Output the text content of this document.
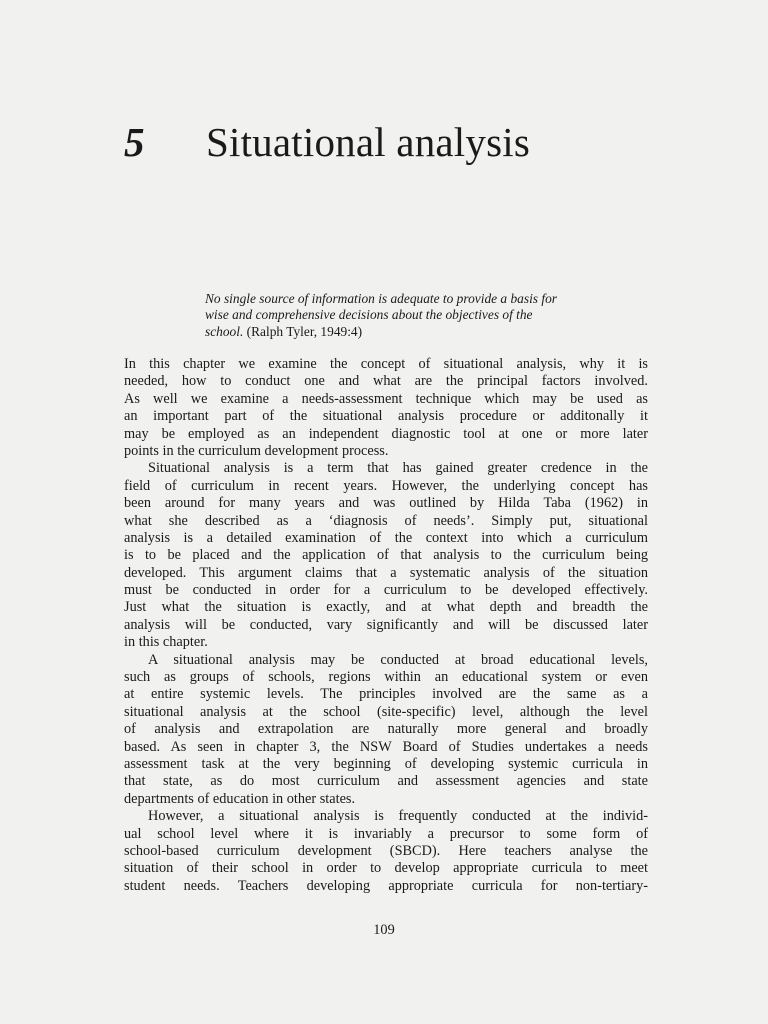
5	Situational analysis
No single source of information is adequate to provide a basis for
wise and comprehensive decisions about the objectives of the
school. (Ralph Tyler, 1949:4)
In this chapter we examine the concept of situational analysis, why it is
needed, how to conduct one and what are the principal factors involved.
As well we examine a needs-assessment technique which may be used as
an important part of the situational analysis procedure or additonally it
may be employed as an independent diagnostic tool at one or more later
points in the curriculum development process.
Situational analysis is a term that has gained greater credence in the
field of curriculum in recent years. However, the underlying concept has
been around for many years and was outlined by Hilda Taba (1962) in
what she described as a ‘diagnosis of needs’. Simply put, situational
analysis is a detailed examination of the context into which a curriculum
is to be placed and the application of that analysis to the curriculum being
developed. This argument claims that a systematic analysis of the situation
must be conducted in order for a curriculum to be developed effectively.
Just what the situation is exactly, and at what depth and breadth the
analysis will be conducted, vary significantly and will be discussed later
in this chapter.
A situational analysis may be conducted at broad educational levels,
such as groups of schools, regions within an educational system or even
at entire systemic levels. The principles involved are the same as a
situational analysis at the school (site-specific) level, although the level
of analysis and extrapolation are naturally more general and broadly
based. As seen in chapter 3, the NSW Board of Studies undertakes a needs
assessment task at the very beginning of developing systemic curricula in
that state, as do most curriculum and assessment agencies and state
departments of education in other states.
However, a situational analysis is frequently conducted at the individ-
ual school level where it is invariably a precursor to some form of
school-based curriculum development (SBCD). Here teachers analyse the
situation of their school in order to develop appropriate curricula to meet
student needs. Teachers developing appropriate curricula for non-tertiary-
109
